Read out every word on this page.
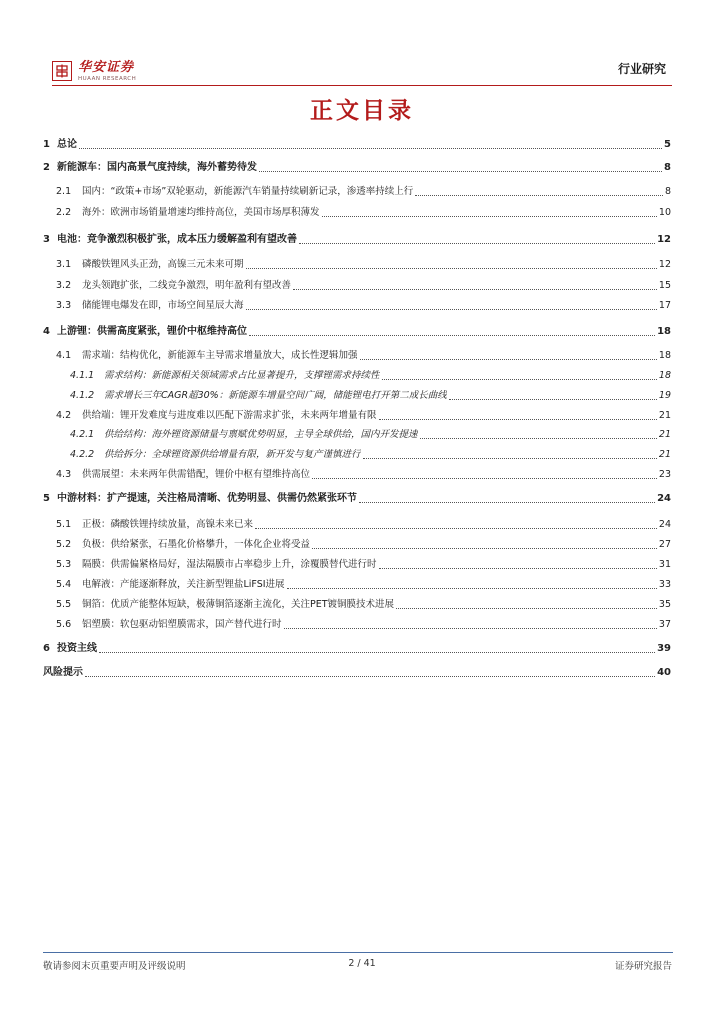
华安证券
HUAAN RESEARCH
行业研究
正文目录
1 总论	5
2 新能源车：国内高景气度持续，海外蓄势待发	8
2.1	国内：“政策+市场”双轮驱动，新能源汽车销量持续刷新记录，渗透率持续上行	8
2.2	海外：欧洲市场销量增速均维持高位，美国市场厚积薄发	10
3 电池：竞争激烈积极扩张，成本压力缓解盈利有望改善	12
3.1	磷酸铁锂风头正劲，高镍三元未来可期	12
3.2	龙头领跑扩张，二线竞争激烈，明年盈利有望改善	15
3.3	储能锂电爆发在即，市场空间星辰大海	17
4 上游锂：供需高度紧张，锂价中枢维持高位	18
4.1	需求端：结构优化，新能源车主导需求增量放大，成长性逻辑加强	18
4.1.1	需求结构：新能源相关领域需求占比显著提升，支撑锂需求持续性	18
4.1.2	需求增长三年CAGR超30%：新能源车增量空间广阔，储能锂电打开第二成长曲线	19
4.2	供给端：锂开发难度与进度难以匹配下游需求扩张，未来两年增量有限	21
4.2.1	供给结构：海外锂资源储量与禀赋优势明显，主导全球供给，国内开发提速	21
4.2.2	供给拆分：全球锂资源供给增量有限，新开发与复产谨慎进行	21
4.3	供需展望：未来两年供需错配，锂价中枢有望维持高位	23
5 中游材料：扩产提速，关注格局清晰、优势明显、供需仍然紧张环节	24
5.1	正极：磷酸铁锂持续放量，高镍未来已来	24
5.2	负极：供给紧张，石墨化价格攀升，一体化企业将受益	27
5.3	隔膜：供需偏紧格局好，湿法隔膜市占率稳步上升，涂覆膜替代进行时	31
5.4	电解液：产能逐渐释放，关注新型锂盐LiFSI进展	33
5.5	铜箔：优质产能整体短缺，极薄铜箔逐渐主流化，关注PET镀铜膜技术进展	35
5.6	铝塑膜：软包驱动铝塑膜需求，国产替代进行时	37
6 投资主线	39
风险提示	40
敬请参阅末页重要声明及评级说明	2 / 41	证券研究报告
